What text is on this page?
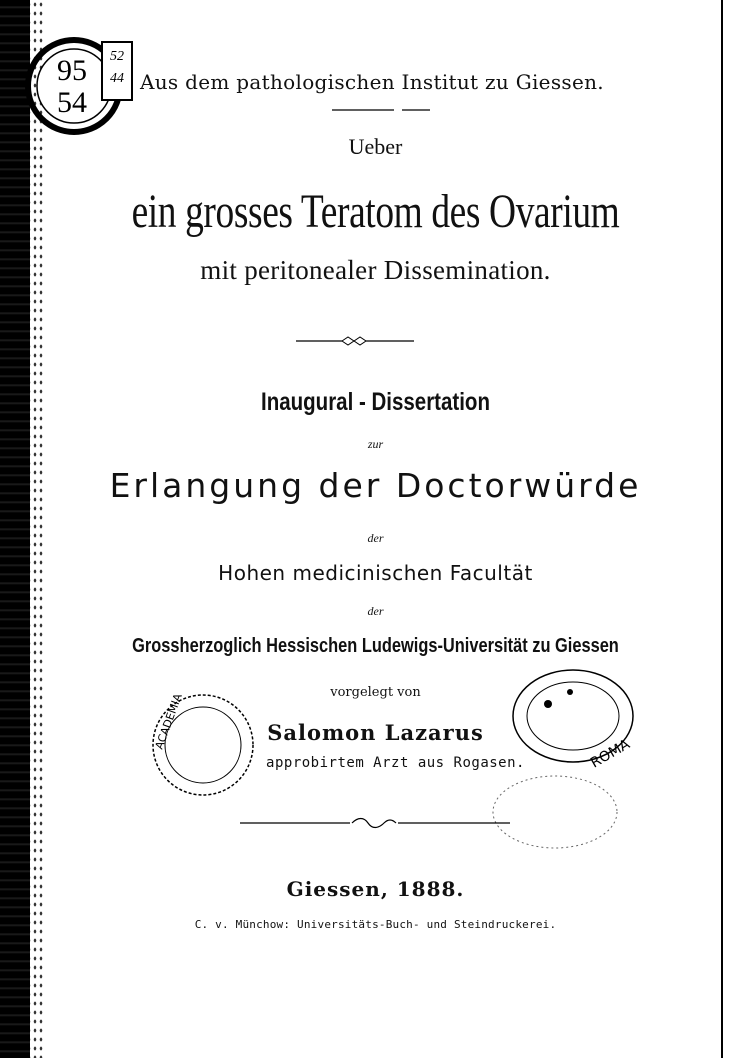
95
54
52
44 Aus dem pathologischen Institut zu Giessen.
Ueber
ein grosses Teratom des Ovarium
mit peritonealer Dissemination.
Inaugural - Dissertation
zur
Erlangung der Doctorwürde
der
Hohen medicinischen Facultät
der
Grossherzoglich Hessischen Ludewigs-Universität zu Giessen
vorgelegt von
Salomon Lazarus
approbirtem Arzt aus Rogasen.
ACADEMIA
ROMA
Giessen, 1888.
C. v. Münchow: Universitäts-Buch- und Steindruckerei.
